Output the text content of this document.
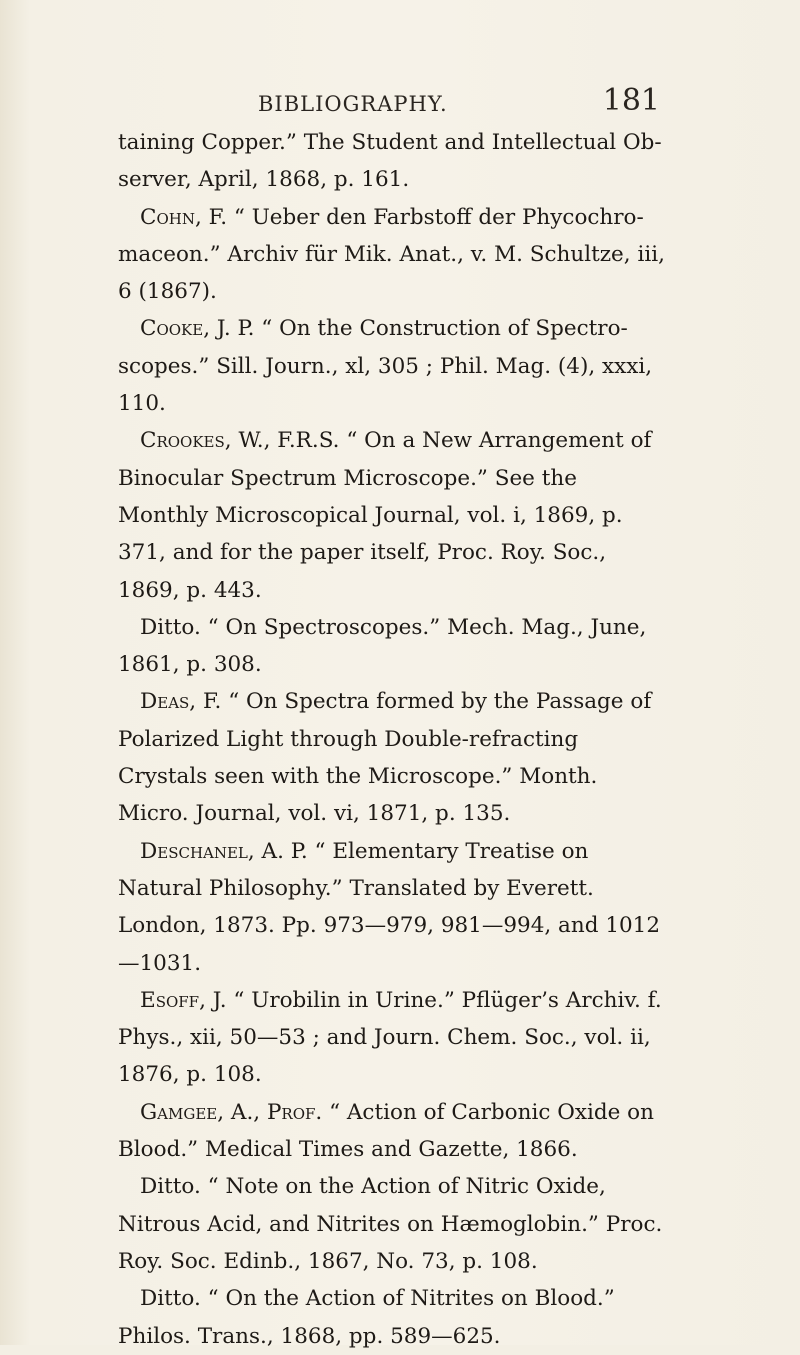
BIBLIOGRAPHY.	181

taining Copper.” The Student and Intellectual Observer, April, 1868, p. 161.

Cohn, F. “ Ueber den Farbstoff der Phycochromaceon.” Archiv für Mik. Anat., v. M. Schultze, iii, 6 (1867).

Cooke, J. P. “ On the Construction of Spectroscopes.” Sill. Journ., xl, 305 ; Phil. Mag. (4), xxxi, 110.

Crookes, W., F.R.S. “ On a New Arrangement of Binocular Spectrum Microscope.” See the Monthly Microscopical Journal, vol. i, 1869, p. 371, and for the paper itself, Proc. Roy. Soc., 1869, p. 443.

Ditto. “ On Spectroscopes.” Mech. Mag., June, 1861, p. 308.

Deas, F. “ On Spectra formed by the Passage of Polarized Light through Double-refracting Crystals seen with the Microscope.” Month. Micro. Journal, vol. vi, 1871, p. 135.

Deschanel, A. P. “ Elementary Treatise on Natural Philosophy.” Translated by Everett. London, 1873. Pp. 973—979, 981—994, and 1012—1031.

Esoff, J. “ Urobilin in Urine.” Pflüger’s Archiv. f. Phys., xii, 50—53 ; and Journ. Chem. Soc., vol. ii, 1876, p. 108.

Gamgee, A., Prof. “ Action of Carbonic Oxide on Blood.” Medical Times and Gazette, 1866.

Ditto. “ Note on the Action of Nitric Oxide, Nitrous Acid, and Nitrites on Hæmoglobin.” Proc. Roy. Soc. Edinb., 1867, No. 73, p. 108.

Ditto. “ On the Action of Nitrites on Blood.” Philos. Trans., 1868, pp. 589—625.
